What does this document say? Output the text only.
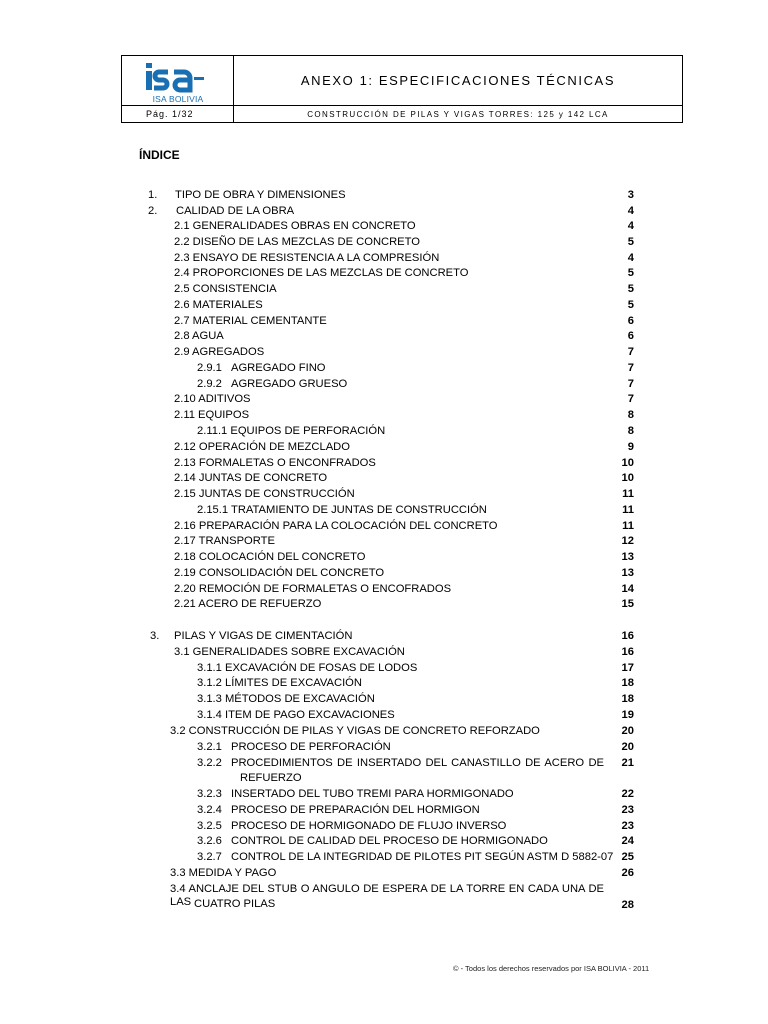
ISA BOLIVIA
ANEXO 1: ESPECIFICACIONES TÉCNICAS
Pág. 1/32	CONSTRUCCIÓN DE PILAS Y VIGAS TORRES: 125 y 142 LCA
ÍNDICE
1. TIPO DE OBRA Y DIMENSIONES	3
2. CALIDAD DE LA OBRA	4
2.1 GENERALIDADES OBRAS EN CONCRETO	4
2.2 DISEÑO DE LAS MEZCLAS DE CONCRETO	5
2.3 ENSAYO DE RESISTENCIA A LA COMPRESIÓN	4
2.4 PROPORCIONES DE LAS MEZCLAS DE CONCRETO	5
2.5 CONSISTENCIA	5
2.6 MATERIALES	5
2.7 MATERIAL CEMENTANTE	6
2.8 AGUA	6
2.9 AGREGADOS	7
2.9.1 AGREGADO FINO	7
2.9.2 AGREGADO GRUESO	7
2.10 ADITIVOS	7
2.11 EQUIPOS	8
2.11.1 EQUIPOS DE PERFORACIÓN	8
2.12 OPERACIÓN DE MEZCLADO	9
2.13 FORMALETAS O ENCONFRADOS	10
2.14 JUNTAS DE CONCRETO	10
2.15 JUNTAS DE CONSTRUCCIÓN	11
2.15.1 TRATAMIENTO DE JUNTAS DE CONSTRUCCIÓN	11
2.16 PREPARACIÓN PARA LA COLOCACIÓN DEL CONCRETO	11
2.17 TRANSPORTE	12
2.18 COLOCACIÓN DEL CONCRETO	13
2.19 CONSOLIDACIÓN DEL CONCRETO	13
2.20 REMOCIÓN DE FORMALETAS O ENCOFRADOS	14
2.21 ACERO DE REFUERZO	15
3. PILAS Y VIGAS DE CIMENTACIÓN	16
3.1 GENERALIDADES SOBRE EXCAVACIÓN	16
3.1.1 EXCAVACIÓN DE FOSAS DE LODOS	17
3.1.2 LÍMITES DE EXCAVACIÓN	18
3.1.3 MÉTODOS DE EXCAVACIÓN	18
3.1.4 ITEM DE PAGO EXCAVACIONES	19
3.2 CONSTRUCCIÓN DE PILAS Y VIGAS DE CONCRETO REFORZADO	20
3.2.1 PROCESO DE PERFORACIÓN	20
3.2.2 PROCEDIMIENTOS DE INSERTADO DEL CANASTILLO DE ACERO DE	21
REFUERZO
3.2.3 INSERTADO DEL TUBO TREMI PARA HORMIGONADO	22
3.2.4 PROCESO DE PREPARACIÓN DEL HORMIGON	23
3.2.5 PROCESO DE HORMIGONADO DE FLUJO INVERSO	23
3.2.6 CONTROL DE CALIDAD DEL PROCESO DE HORMIGONADO	24
3.2.7 CONTROL DE LA INTEGRIDAD DE PILOTES PIT SEGÚN ASTM D 5882-07 25
3.3 MEDIDA Y PAGO	26
3.4 ANCLAJE DEL STUB O ANGULO DE ESPERA DE LA TORRE EN CADA UNA DE LAS	28
CUATRO PILAS
© - Todos los derechos reservados por ISA BOLIVIA - 2011
